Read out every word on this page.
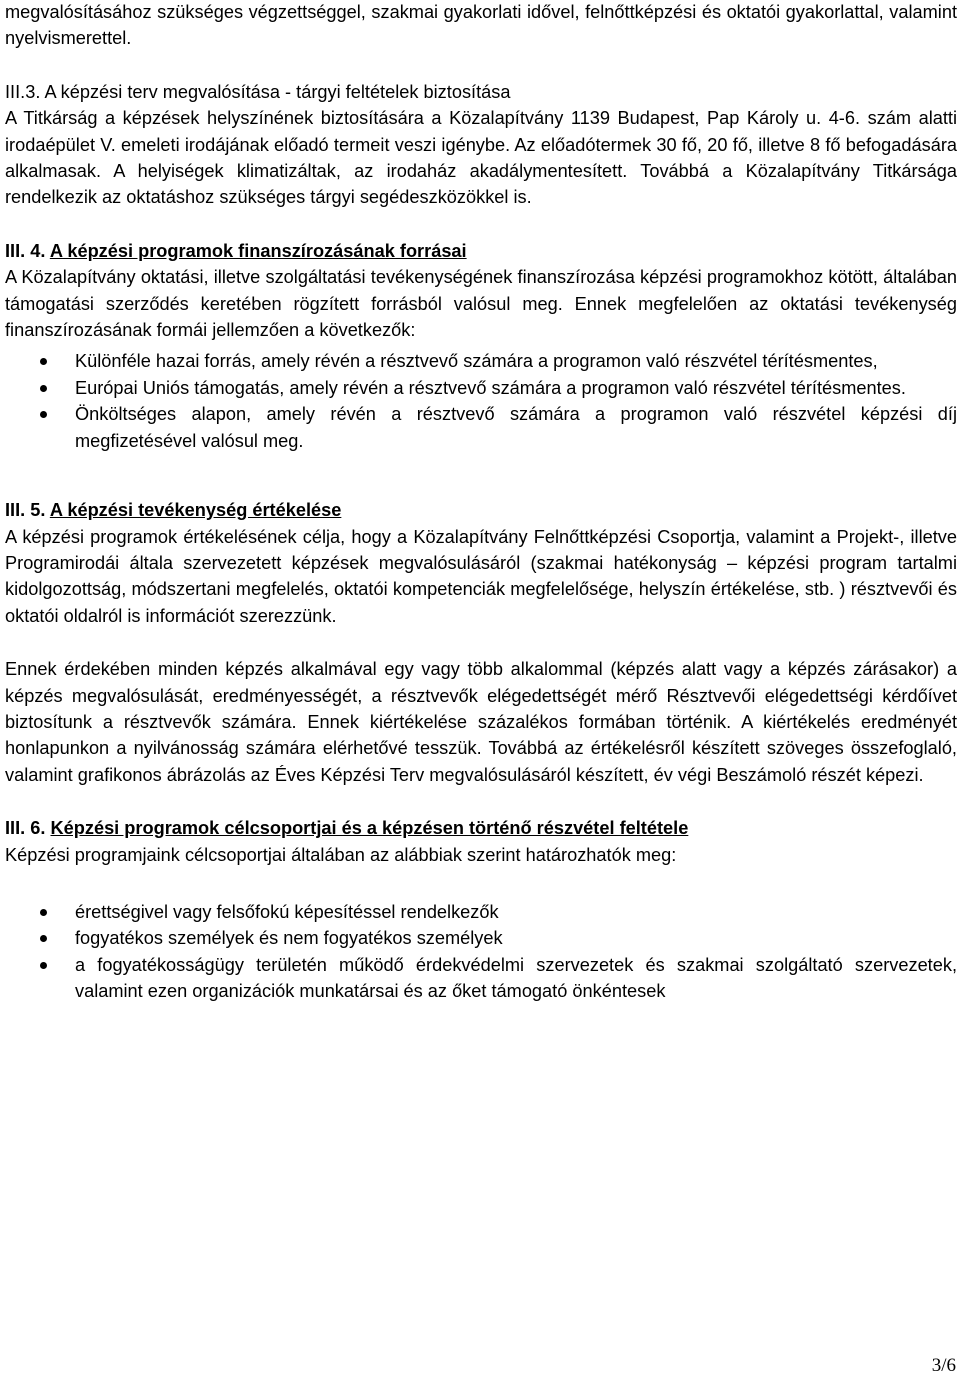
megvalósításához szükséges végzettséggel, szakmai gyakorlati idővel, felnőttképzési és oktatói gyakorlattal, valamint nyelvismerettel.

III.3. A képzési terv megvalósítása - tárgyi feltételek biztosítása

A Titkárság a képzések helyszínének biztosítására a Közalapítvány 1139 Budapest, Pap Károly u. 4-6. szám alatti irodaépület V. emeleti irodájának előadó termeit veszi igénybe. Az előadótermek 30 fő, 20 fő, illetve 8 fő befogadására alkalmasak. A helyiségek klimatizáltak, az irodaház akadálymentesített. Továbbá a Közalapítvány Titkársága rendelkezik az oktatáshoz szükséges tárgyi segédeszközökkel is.

III. 4. A képzési programok finanszírozásának forrásai

A Közalapítvány oktatási, illetve szolgáltatási tevékenységének finanszírozása képzési programokhoz kötött, általában támogatási szerződés keretében rögzített forrásból valósul meg. Ennek megfelelően az oktatási tevékenység finanszírozásának formái jellemzően a következők:

Különféle hazai forrás, amely révén a résztvevő számára a programon való részvétel térítésmentes,
Európai Uniós támogatás, amely révén a résztvevő számára a programon való részvétel térítésmentes.
Önköltséges alapon, amely révén a résztvevő számára a programon való részvétel képzési díj megfizetésével valósul meg.

III. 5. A képzési tevékenység értékelése

A képzési programok értékelésének célja, hogy a Közalapítvány Felnőttképzési Csoportja, valamint a Projekt-, illetve Programirodái általa szervezetett képzések megvalósulásáról (szakmai hatékonyság – képzési program tartalmi kidolgozottság, módszertani megfelelés, oktatói kompetenciák megfelelősége, helyszín értékelése, stb. ) résztvevői és oktatói oldalról is információt szerezzünk.

Ennek érdekében minden képzés alkalmával egy vagy több alkalommal (képzés alatt vagy a képzés zárásakor) a képzés megvalósulását, eredményességét, a résztvevők elégedettségét mérő Résztvevői elégedettségi kérdőívet biztosítunk a résztvevők számára. Ennek kiértékelése százalékos formában történik. A kiértékelés eredményét honlapunkon a nyilvánosság számára elérhetővé tesszük. Továbbá az értékelésről készített szöveges összefoglaló, valamint grafikonos ábrázolás az Éves Képzési Terv megvalósulásáról készített, év végi Beszámoló részét képezi.

III. 6. Képzési programok célcsoportjai és a képzésen történő részvétel feltétele

Képzési programjaink célcsoportjai általában az alábbiak szerint határozhatók meg:

érettségivel vagy felsőfokú képesítéssel rendelkezők
fogyatékos személyek és nem fogyatékos személyek
a fogyatékosságügy területén működő érdekvédelmi szervezetek és szakmai szolgáltató szervezetek, valamint ezen organizációk munkatársai és az őket támogató önkéntesek
3/6
